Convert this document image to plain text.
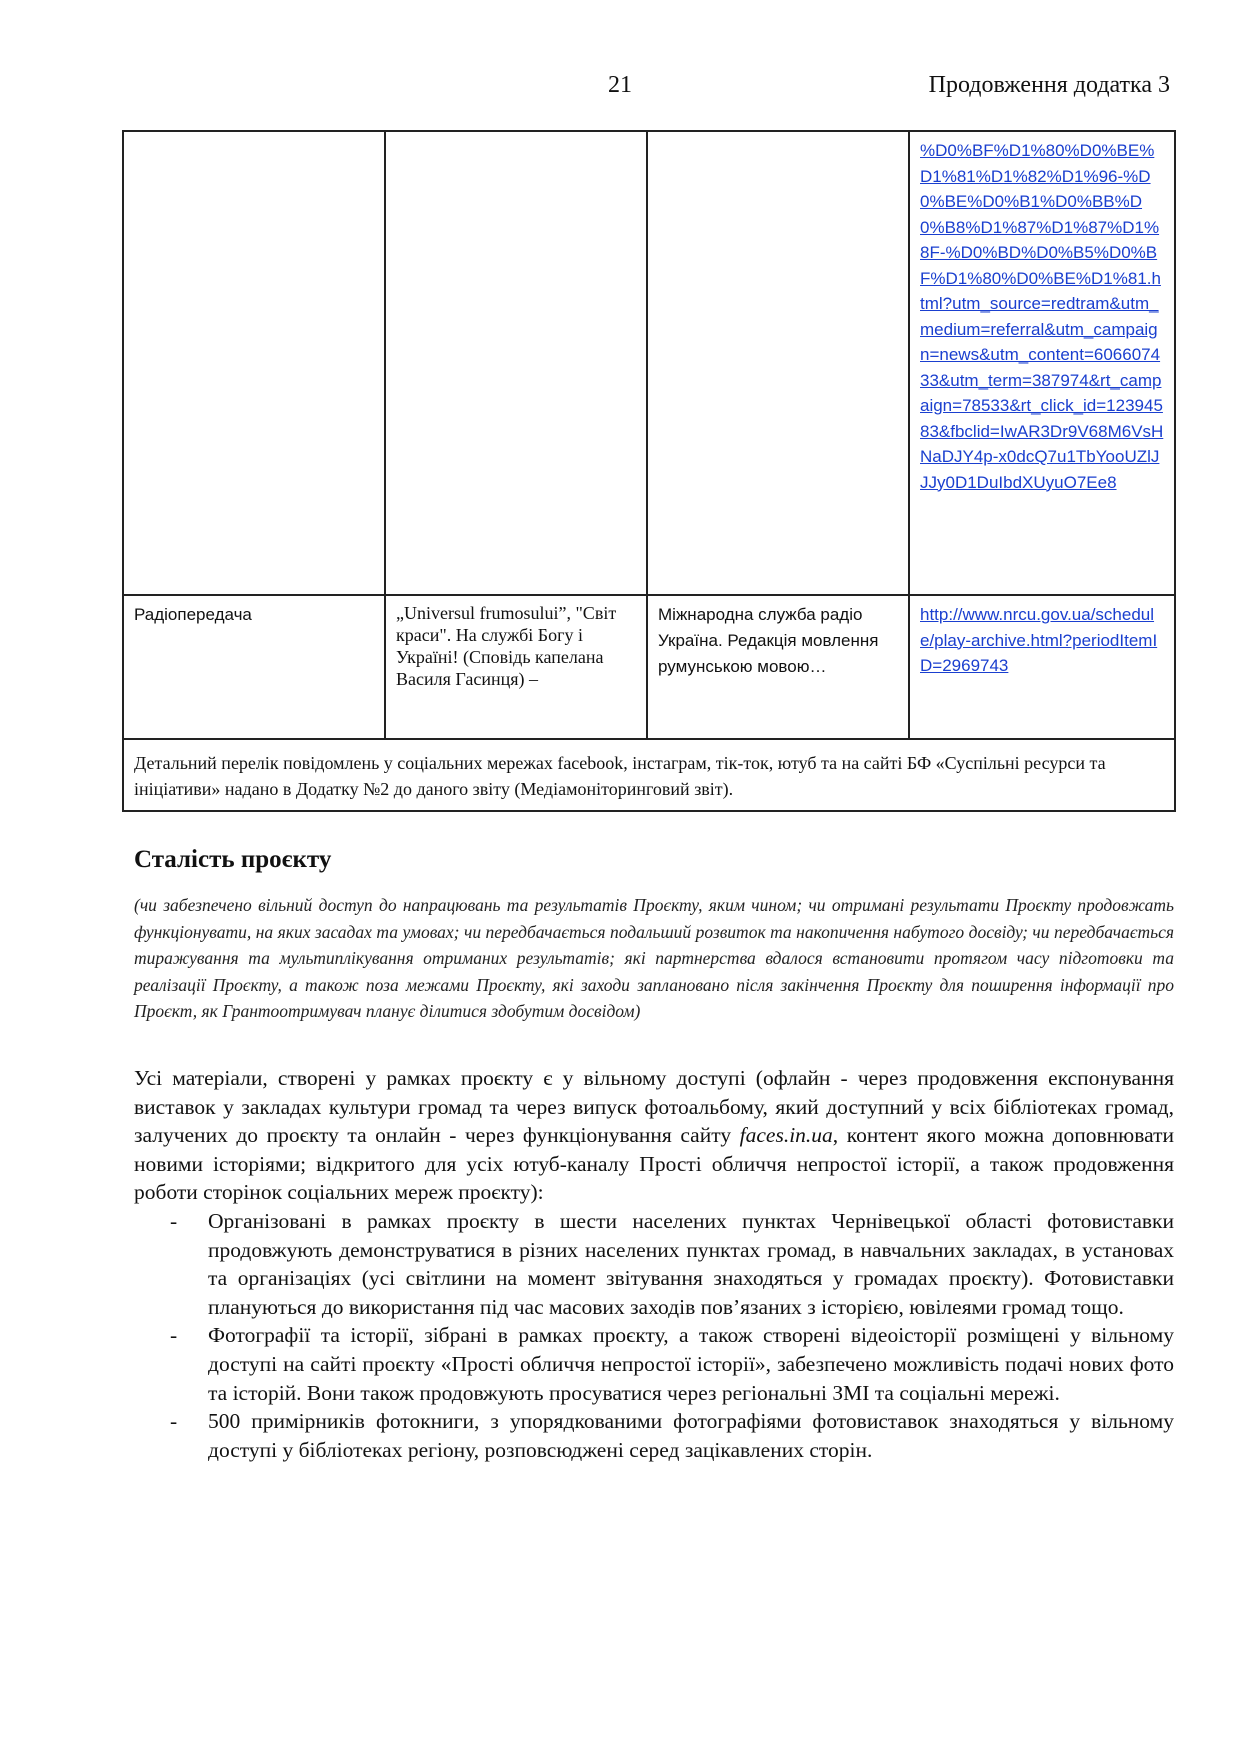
21	Продовження додатка 3
			%D0%BF%D1%80%D0%BE%D1%81%D1%82%D1%96-%D0%BE%D0%B1%D0%BB%D0%B8%D1%87%D1%87%D1%8F-%D0%BD%D0%B5%D0%BF%D1%80%D0%BE%D1%81.html?utm_source=redtram&utm_medium=referral&utm_campaign=news&utm_content=606607433&utm_term=387974&rt_campaign=78533&rt_click_id=12394583&fbclid=IwAR3Dr9V68M6VsHNaDJY4p-x0dcQ7u1TbYooUZlJJJy0D1DuIbdXUyuO7Ee8
Радіопередача	„Universul frumosului”, "Світ краси". На службі Богу і Україні! (Сповідь капелана Василя Гасинця) –	Міжнародна служба радіо Україна. Редакція мовлення румунською мовою…	http://www.nrcu.gov.ua/schedule/play-archive.html?periodItemID=2969743
Детальний перелік повідомлень у соціальних мережах facebook, інстаграм, тік-ток, ютуб та на сайті БФ «Суспільні ресурси та ініціативи» надано в Додатку №2 до даного звіту (Медіамоніторинговий звіт).			
Сталість проєкту

(чи забезпечено вільний доступ до напрацювань та результатів Проєкту, яким чином; чи отримані результати Проєкту продовжать функціонувати, на яких засадах та умовах; чи передбачається подальший розвиток та накопичення набутого досвіду; чи передбачається тиражування та мультиплікування отриманих результатів; які партнерства вдалося встановити протягом часу підготовки та реалізації Проєкту, а також поза межами Проєкту, які заходи заплановано після закінчення Проєкту для поширення інформації про Проєкт, як Грантоотримувач планує ділитися здобутим досвідом)

Усі матеріали, створені у рамках проєкту є у вільному доступі (офлайн - через продовження експонування виставок у закладах культури громад та через випуск фотоальбому, який доступний у всіх бібліотеках громад, залучених до проєкту та онлайн - через функціонування сайту faces.in.ua, контент якого можна доповнювати новими історіями; відкритого для усіх ютуб-каналу Прості обличчя непростої історії, а також продовження роботи сторінок соціальних мереж проєкту):

- Організовані в рамках проєкту в шести населених пунктах Чернівецької області фотовиставки продовжують демонструватися в різних населених пунктах громад, в навчальних закладах, в установах та організаціях (усі світлини на момент звітування знаходяться у громадах проєкту). Фотовиставки плануються до використання під час масових заходів пов’язаних з історією, ювілеями громад тощо.
- Фотографії та історії, зібрані в рамках проєкту, а також створені відеоісторії розміщені у вільному доступі на сайті проєкту «Прості обличчя непростої історії», забезпечено можливість подачі нових фото та історій. Вони також продовжують просуватися через регіональні ЗМІ та соціальні мережі.
- 500 примірників фотокниги, з упорядкованими фотографіями фотовиставок знаходяться у вільному доступі у бібліотеках регіону, розповсюджені серед зацікавлених сторін.
